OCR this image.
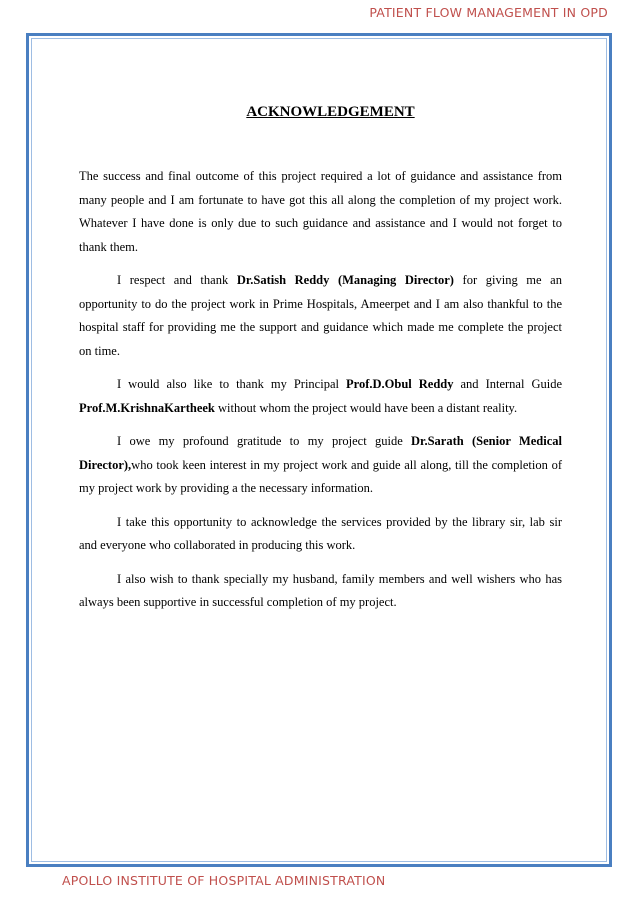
PATIENT FLOW MANAGEMENT IN OPD
ACKNOWLEDGEMENT

The success and final outcome of this project required a lot of guidance and assistance from many people and I am fortunate to have got this all along the completion of my project work. Whatever I have done is only due to such guidance and assistance and I would not forget to thank them.

I respect and thank Dr.Satish Reddy (Managing Director) for giving me an opportunity to do the project work in Prime Hospitals, Ameerpet and I am also thankful to the hospital staff for providing me the support and guidance which made me complete the project on time.

I would also like to thank my Principal Prof.D.Obul Reddy and Internal Guide Prof.M.KrishnaKartheek without whom the project would have been a distant reality.

I owe my profound gratitude to my project guide Dr.Sarath (Senior Medical Director),who took keen interest in my project work and guide all along, till the completion of my project work by providing a the necessary information.

I take this opportunity to acknowledge the services provided by the library sir, lab sir and everyone who collaborated in producing this work.

I also wish to thank specially my husband, family members and well wishers who has always been supportive in successful completion of my project.

APOLLO INSTITUTE OF HOSPITAL ADMINISTRATION
